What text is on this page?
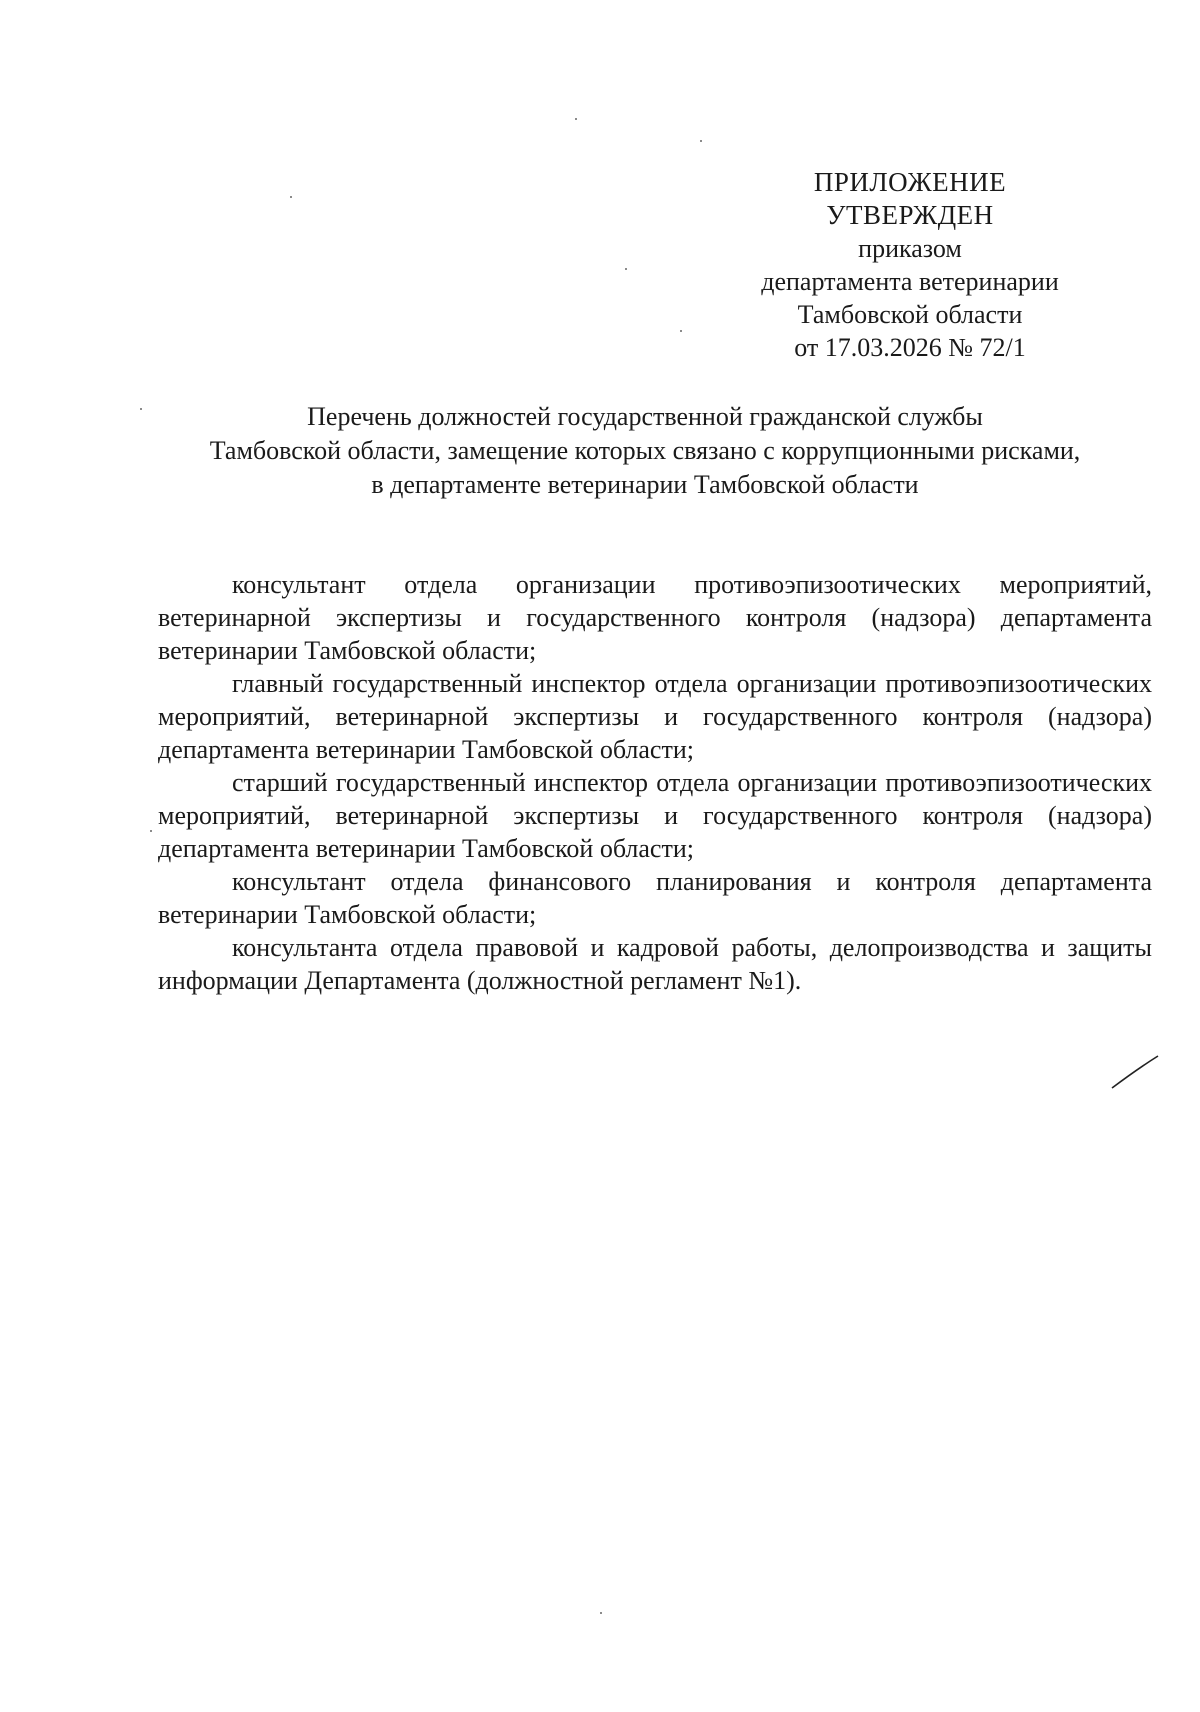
ПРИЛОЖЕНИЕ
УТВЕРЖДЕН
приказом
департамента ветеринарии
Тамбовской области
от 17.03.2026 № 72/1
Перечень должностей государственной гражданской службы
Тамбовской области, замещение которых связано с коррупционными рисками,
в департаменте ветеринарии Тамбовской области

консультант отдела организации противоэпизоотических мероприятий, ветеринарной экспертизы и государственного контроля (надзора) департамента ветеринарии Тамбовской области;

главный государственный инспектор отдела организации противоэпизоотических мероприятий, ветеринарной экспертизы и государственного контроля (надзора) департамента ветеринарии Тамбовской области;

старший государственный инспектор отдела организации противоэпизоотических мероприятий, ветеринарной экспертизы и государственного контроля (надзора) департамента ветеринарии Тамбовской области;

консультант отдела финансового планирования и контроля департамента ветеринарии Тамбовской области;

консультанта отдела правовой и кадровой работы, делопроизводства и защиты информации Департамента (должностной регламент №1).
